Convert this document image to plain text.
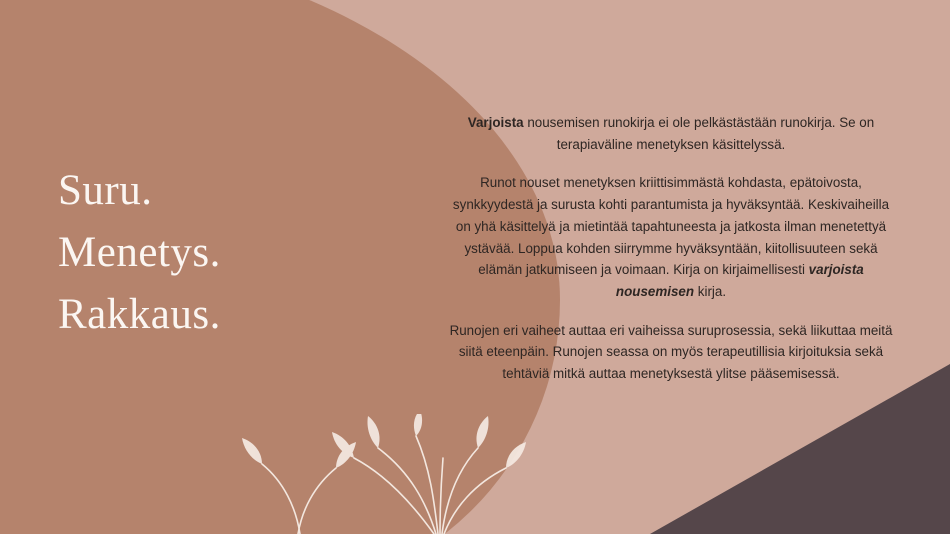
Suru.
Menetys.
Rakkaus.

Varjoista nousemisen runokirja ei ole pelkästästään runokirja. Se on terapiaväline menetyksen käsittelyssä.

Runot nouset menetyksen kriittisimmästä kohdasta, epätoivosta, synkkyydestä ja surusta kohti parantumista ja hyväksyntää. Keskivaiheilla on yhä käsittelyä ja mietintää tapahtuneesta ja jatkosta ilman menetettyä ystävää. Loppua kohden siirrymme hyväksyntään, kiitollisuuteen sekä elämän jatkumiseen ja voimaan. Kirja on kirjaimellisesti varjoista nousemisen kirja.

Runojen eri vaiheet auttaa eri vaiheissa suruprosessia, sekä liikuttaa meitä siitä eteenpäin. Runojen seassa on myös terapeutillisia kirjoituksia sekä tehtäviä mitkä auttaa menetyksestä ylitse pääsemisessä.
